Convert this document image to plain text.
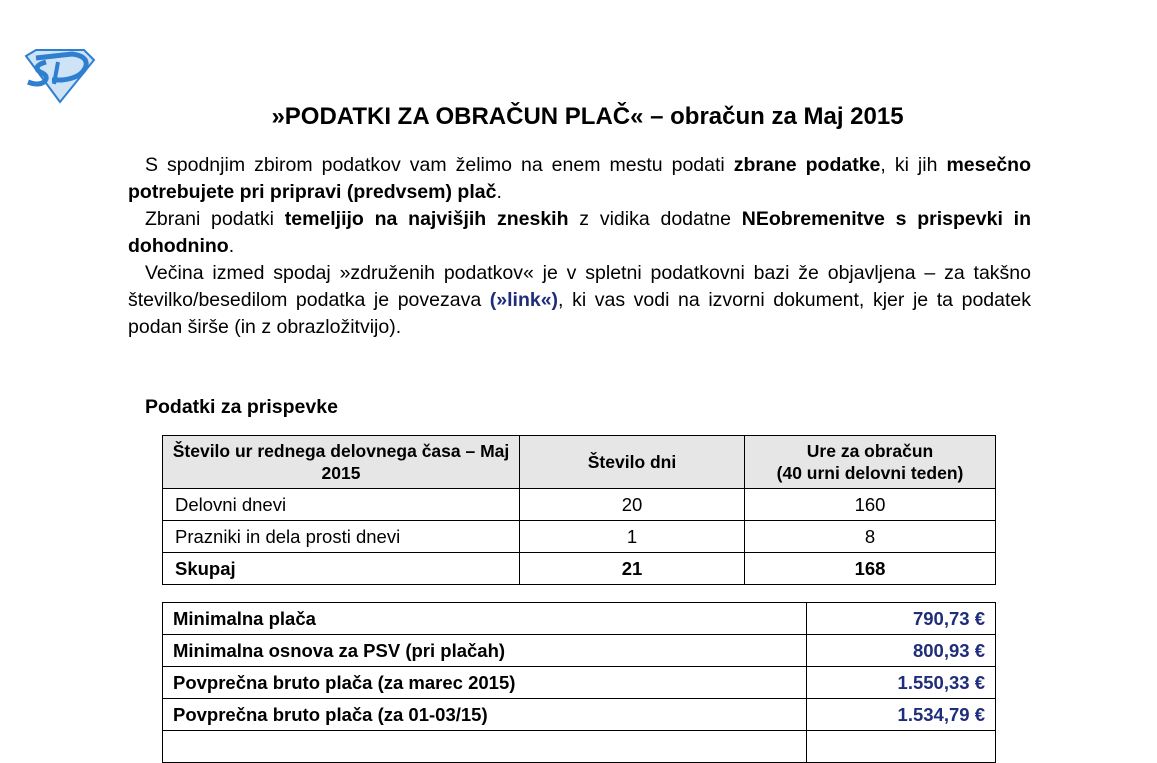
»PODATKI ZA OBRAČUN PLAČ« – obračun za Maj 2015

S spodnjim zbirom podatkov vam želimo na enem mestu podati zbrane podatke, ki jih mesečno potrebujete pri pripravi (predvsem) plač.

Zbrani podatki temeljijo na najvišjih zneskih z vidika dodatne NEobremenitve s prispevki in dohodnino.

Večina izmed spodaj »združenih podatkov« je v spletni podatkovni bazi že objavljena – za takšno številko/besedilom podatka je povezava (»link«), ki vas vodi na izvorni dokument, kjer je ta podatek podan širše (in z obrazložitvijo).

Podatki za prispevke
Število ur rednega delovnega časa – Maj 2015	Število dni	Ure za obračun
(40 urni delovni teden)

Delovni dnevi	20	160
Prazniki in dela prosti dnevi	1	8
Skupaj	21	168
Minimalna plača	790,73 €
Minimalna osnova za PSV (pri plačah)	800,93 €
Povprečna bruto plača (za marec 2015)	1.550,33 €
Povprečna bruto plača (za 01-03/15)	1.534,79 €
